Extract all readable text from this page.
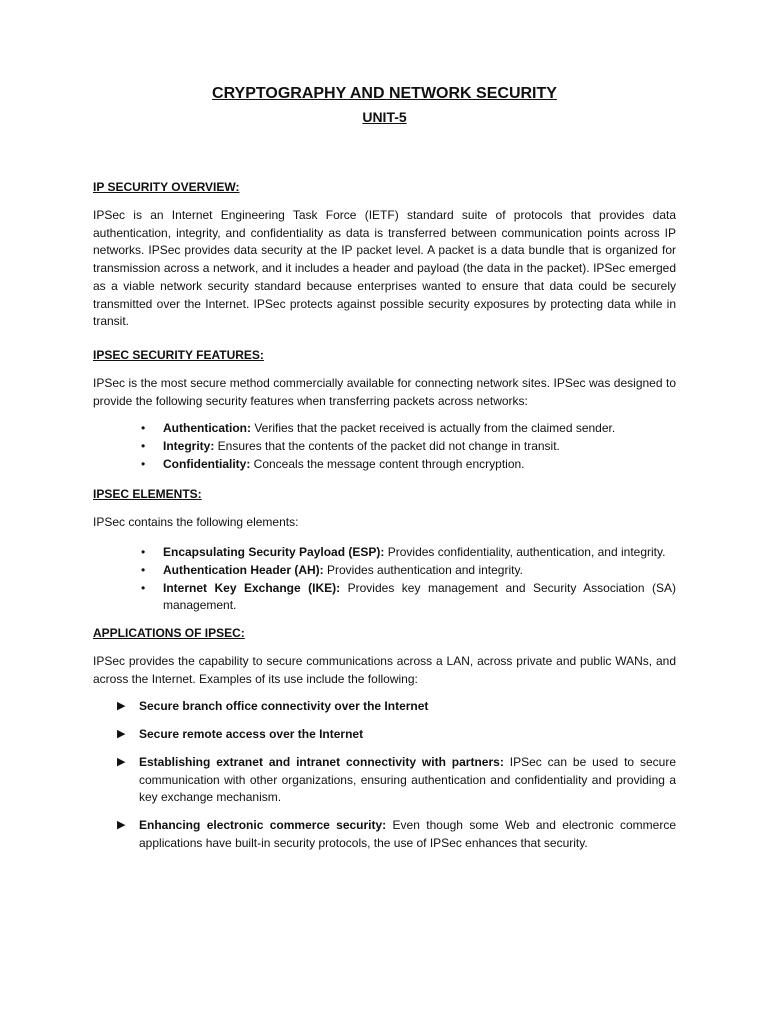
CRYPTOGRAPHY AND NETWORK SECURITY
UNIT-5

IP SECURITY OVERVIEW:

IPSec is an Internet Engineering Task Force (IETF) standard suite of protocols that provides data authentication, integrity, and confidentiality as data is transferred between communication points across IP networks. IPSec provides data security at the IP packet level. A packet is a data bundle that is organized for transmission across a network, and it includes a header and payload (the data in the packet). IPSec emerged as a viable network security standard because enterprises wanted to ensure that data could be securely transmitted over the Internet. IPSec protects against possible security exposures by protecting data while in transit.

IPSEC SECURITY FEATURES:

IPSec is the most secure method commercially available for connecting network sites. IPSec was designed to provide the following security features when transferring packets across networks:

• Authentication: Verifies that the packet received is actually from the claimed sender.
• Integrity: Ensures that the contents of the packet did not change in transit.
• Confidentiality: Conceals the message content through encryption.

IPSEC ELEMENTS:

IPSec contains the following elements:

• Encapsulating Security Payload (ESP): Provides confidentiality, authentication, and integrity.
• Authentication Header (AH): Provides authentication and integrity.
• Internet Key Exchange (IKE): Provides key management and Security Association (SA) management.

APPLICATIONS OF IPSEC:

IPSec provides the capability to secure communications across a LAN, across private and public WANs, and across the Internet. Examples of its use include the following:

▶ Secure branch office connectivity over the Internet
▶ Secure remote access over the Internet
▶ Establishing extranet and intranet connectivity with partners: IPSec can be used to secure communication with other organizations, ensuring authentication and confidentiality and providing a key exchange mechanism.
▶ Enhancing electronic commerce security: Even though some Web and electronic commerce applications have built-in security protocols, the use of IPSec enhances that security.
